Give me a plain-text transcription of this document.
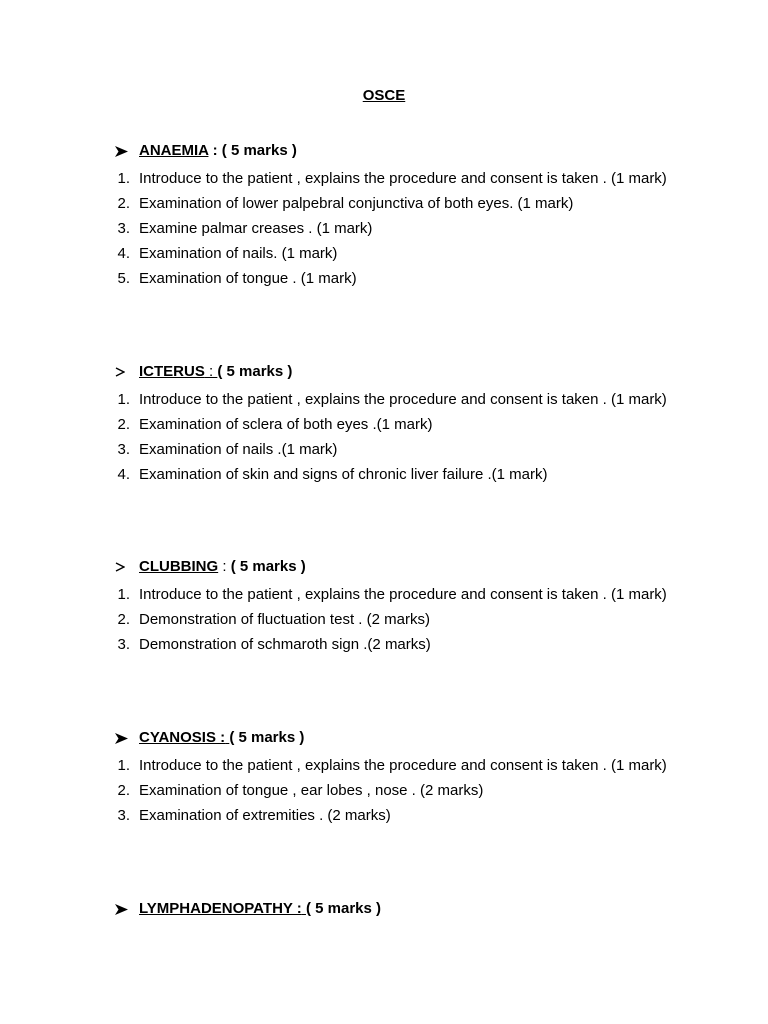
OSCE
ANAEMIA : ( 5 marks )
1. Introduce to the patient , explains the procedure and consent is taken . (1 mark)
2. Examination of lower palpebral conjunctiva of both eyes. (1 mark)
3. Examine palmar creases . (1 mark)
4. Examination of nails. (1 mark)
5. Examination of tongue . (1 mark)
ICTERUS : ( 5 marks )
1. Introduce to the patient , explains the procedure and consent is taken . (1 mark)
2. Examination of sclera of both eyes .(1 mark)
3. Examination of nails .(1 mark)
4. Examination of skin and signs of chronic liver failure .(1 mark)
CLUBBING : ( 5 marks )
1. Introduce to the patient , explains the procedure and consent is taken . (1 mark)
2. Demonstration of fluctuation test . (2 marks)
3. Demonstration of schmaroth sign .(2 marks)
CYANOSIS : ( 5 marks )
1. Introduce to the patient , explains the procedure and consent is taken . (1 mark)
2. Examination of tongue , ear lobes , nose . (2 marks)
3. Examination of extremities . (2 marks)
LYMPHADENOPATHY : ( 5 marks )
